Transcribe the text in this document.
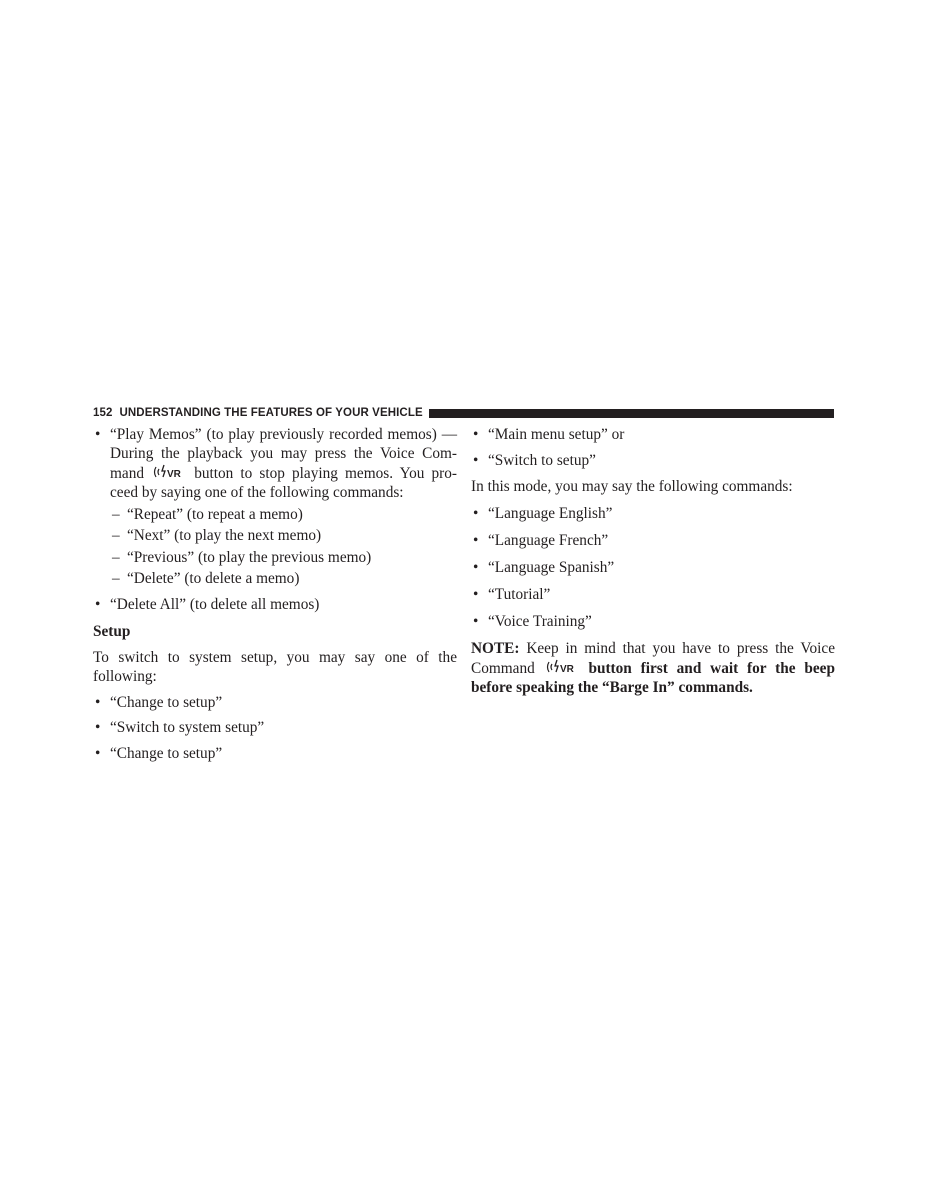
152 UNDERSTANDING THE FEATURES OF YOUR VEHICLE
• “Play Memos” (to play previously recorded memos) — During the playback you may press the Voice Com- mand VR button to stop playing memos. You pro- ceed by saying one of the following commands:
– “Repeat” (to repeat a memo)
– “Next” (to play the next memo)
– “Previous” (to play the previous memo)
– “Delete” (to delete a memo)
• “Delete All” (to delete all memos)
Setup
To switch to system setup, you may say one of the following:
• “Change to setup”
• “Switch to system setup”
• “Change to setup”
• “Main menu setup” or
• “Switch to setup”
In this mode, you may say the following commands:
• “Language English”
• “Language French”
• “Language Spanish”
• “Tutorial”
• “Voice Training”
NOTE: Keep in mind that you have to press the Voice Command VR button first and wait for the beep before speaking the “Barge In” commands.
